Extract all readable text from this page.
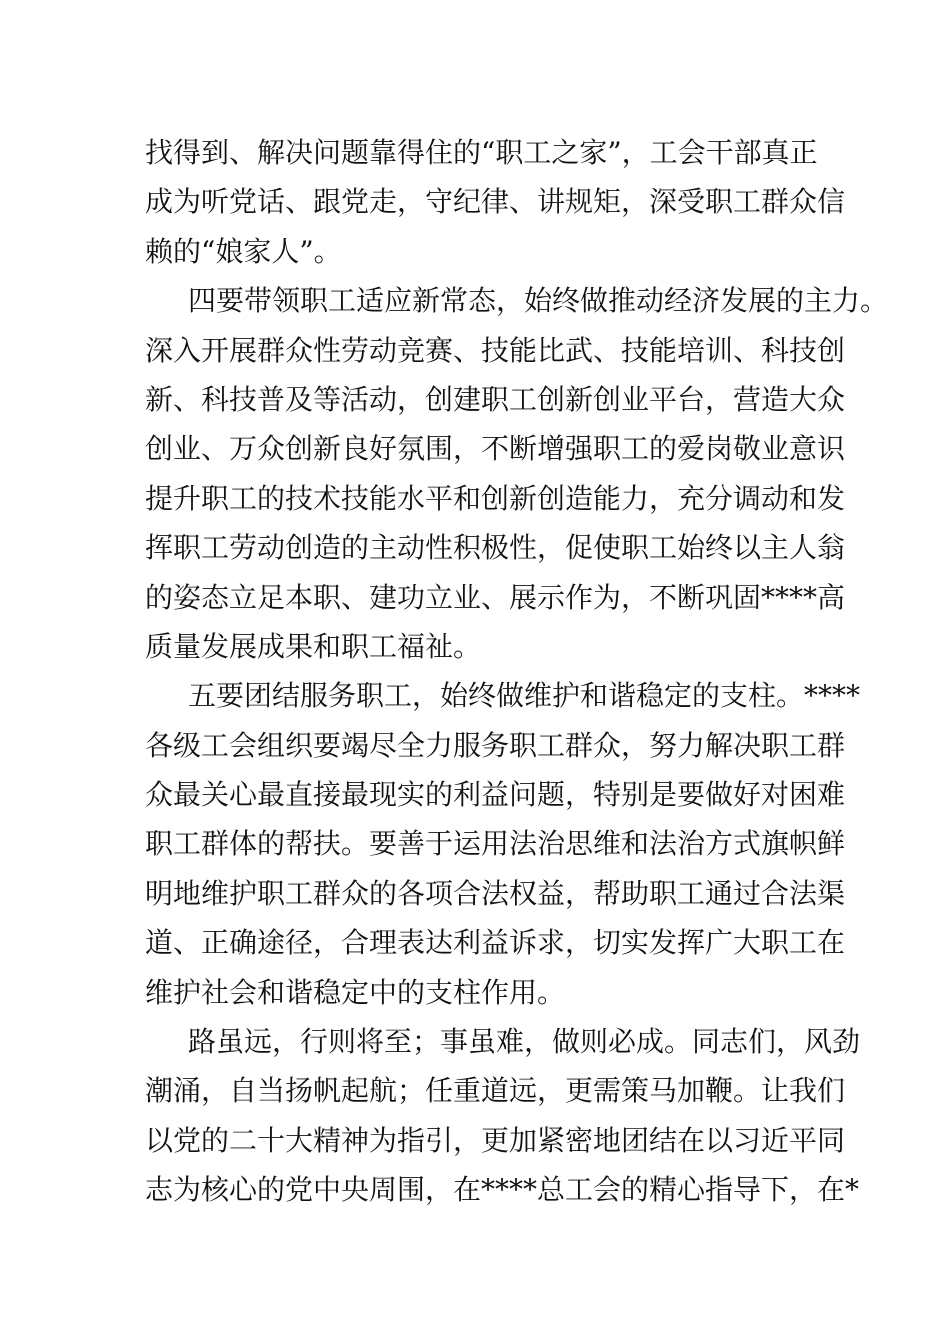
找得到、解决问题靠得住的“职工之家”，工会干部真正
成为听党话、跟党走，守纪律、讲规矩，深受职工群众信
赖的“娘家人”。
四要带领职工适应新常态，始终做推动经济发展的主力。
深入开展群众性劳动竞赛、技能比武、技能培训、科技创
新、科技普及等活动，创建职工创新创业平台，营造大众
创业、万众创新良好氛围，不断增强职工的爱岗敬业意识
提升职工的技术技能水平和创新创造能力，充分调动和发
挥职工劳动创造的主动性积极性，促使职工始终以主人翁
的姿态立足本职、建功立业、展示作为，不断巩固****高
质量发展成果和职工福祉。
五要团结服务职工，始终做维护和谐稳定的支柱。****
各级工会组织要竭尽全力服务职工群众，努力解决职工群
众最关心最直接最现实的利益问题，特别是要做好对困难
职工群体的帮扶。要善于运用法治思维和法治方式旗帜鲜
明地维护职工群众的各项合法权益，帮助职工通过合法渠
道、正确途径，合理表达利益诉求，切实发挥广大职工在
维护社会和谐稳定中的支柱作用。
路虽远，行则将至；事虽难，做则必成。同志们，风劲
潮涌，自当扬帆起航；任重道远，更需策马加鞭。让我们
以党的二十大精神为指引，更加紧密地团结在以习近平同
志为核心的党中央周围，在****总工会的精心指导下，在*
